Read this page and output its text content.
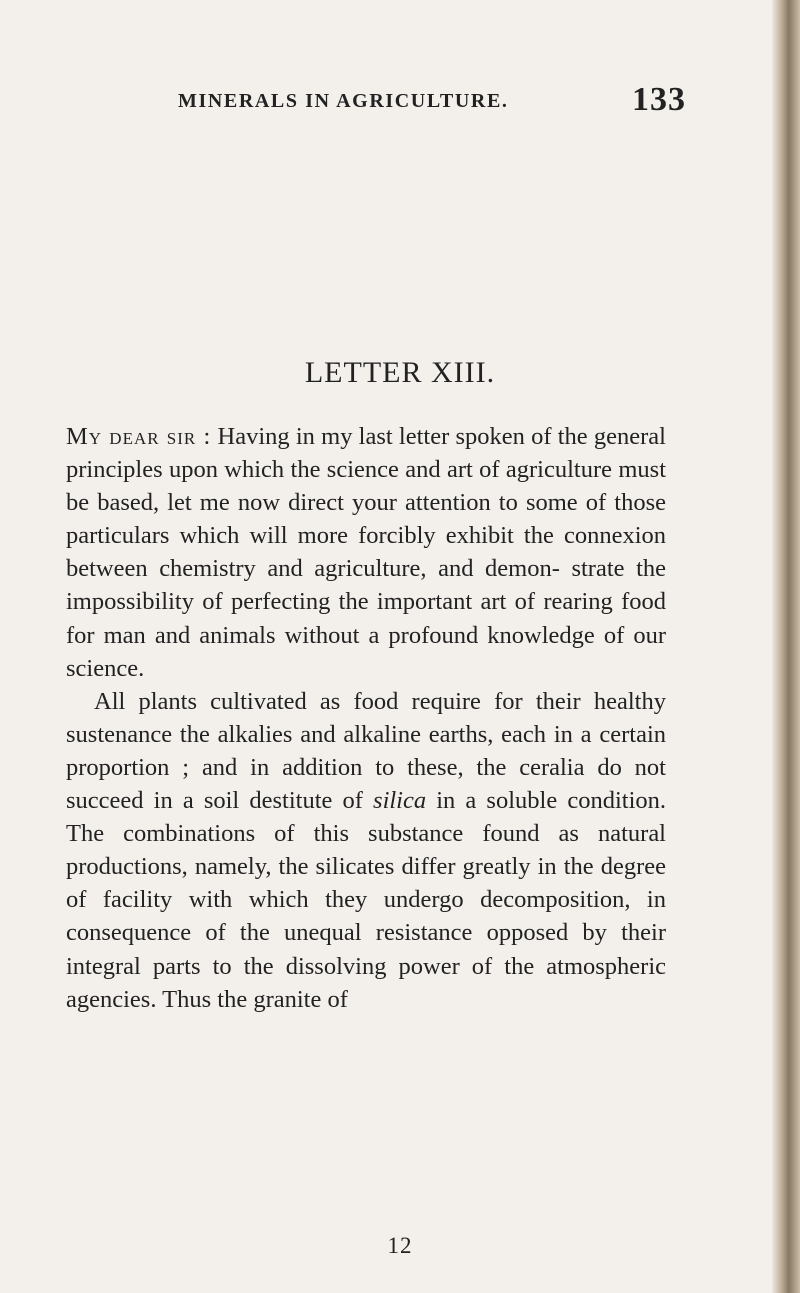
MINERALS IN AGRICULTURE.	133
LETTER XIII.

My dear sir : Having in my last letter spoken of the general principles upon which the science and art of agriculture must be based, let me now direct your attention to some of those particulars which will more forcibly exhibit the connexion between chemistry and agriculture, and demon- strate the impossibility of perfecting the important art of rearing food for man and animals without a profound knowledge of our science.

All plants cultivated as food require for their healthy sustenance the alkalies and alkaline earths, each in a certain proportion ; and in addition to these, the ceralia do not succeed in a soil destitute of silica in a soluble condition. The combinations of this substance found as natural productions, namely, the silicates differ greatly in the degree of facility with which they undergo decomposition, in consequence of the unequal resistance opposed by their integral parts to the dissolving power of the atmospheric agencies. Thus the granite of

12
